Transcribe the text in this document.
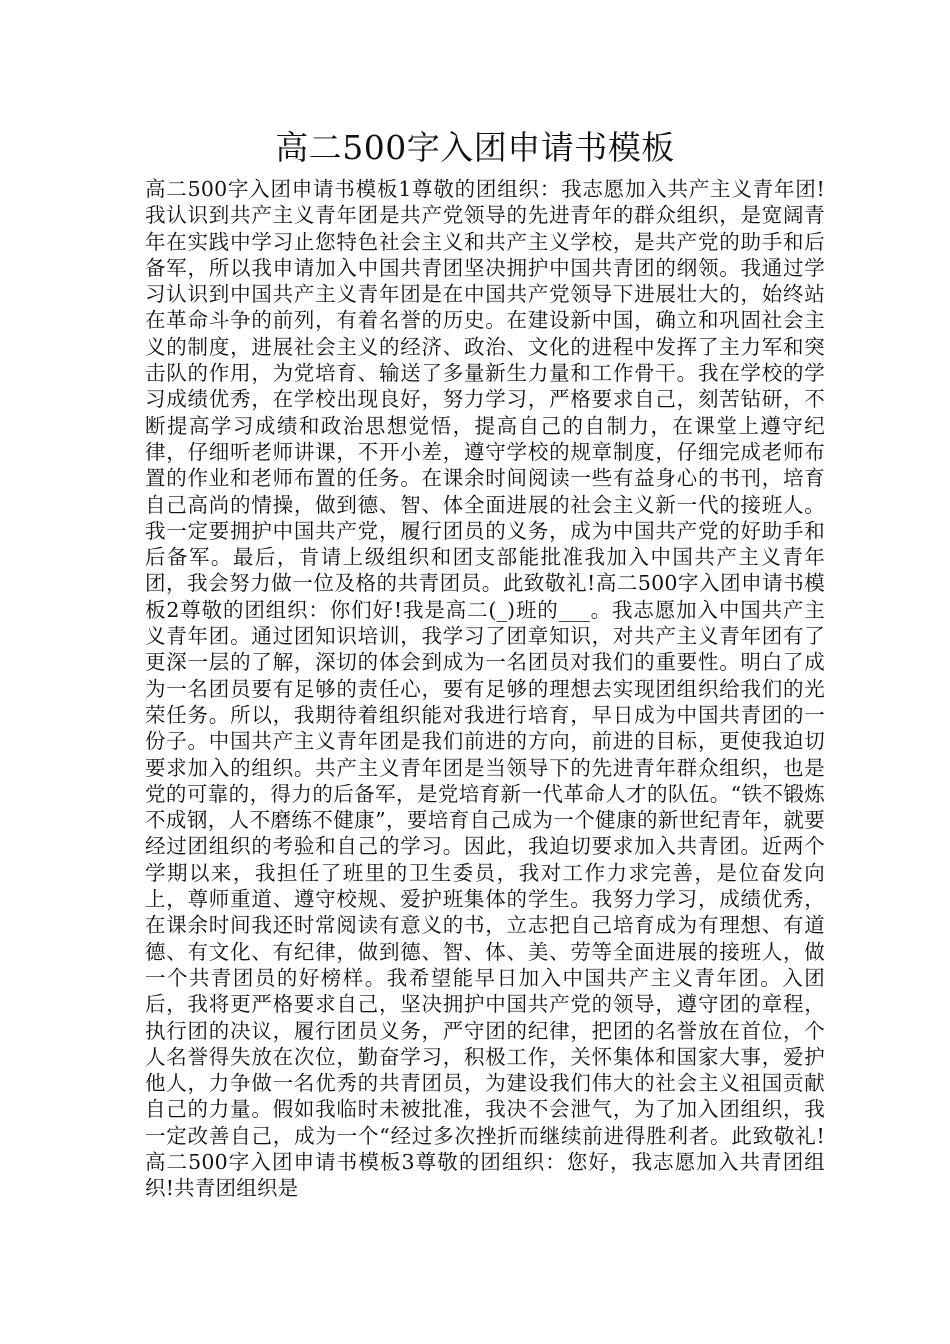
高二500字入团申请书模板

高二500字入团申请书模板1尊敬的团组织：我志愿加入共产主义青年团!我认识到共产主义青年团是共产党领导的先进青年的群众组织，是宽阔青年在实践中学习止您特色社会主义和共产主义学校，是共产党的助手和后备军，所以我申请加入中国共青团坚决拥护中国共青团的纲领。我通过学习认识到中国共产主义青年团是在中国共产党领导下进展壮大的，始终站在革命斗争的前列，有着名誉的历史。在建设新中国，确立和巩固社会主义的制度，进展社会主义的经济、政治、文化的进程中发挥了主力军和突击队的作用，为党培育、输送了多量新生力量和工作骨干。我在学校的学习成绩优秀，在学校出现良好，努力学习，严格要求自己，刻苦钻研，不断提高学习成绩和政治思想觉悟，提高自己的自制力，在课堂上遵守纪律，仔细听老师讲课，不开小差，遵守学校的规章制度，仔细完成老师布置的作业和老师布置的任务。在课余时间阅读一些有益身心的书刊，培育自己高尚的情操，做到德、智、体全面进展的社会主义新一代的接班人。我一定要拥护中国共产党，履行团员的义务，成为中国共产党的好助手和后备军。最后，肯请上级组织和团支部能批准我加入中国共产主义青年团，我会努力做一位及格的共青团员。此致敬礼!高二500字入团申请书模板2尊敬的团组织：你们好!我是高二(_)班的___。我志愿加入中国共产主义青年团。通过团知识培训，我学习了团章知识，对共产主义青年团有了更深一层的了解，深切的体会到成为一名团员对我们的重要性。明白了成为一名团员要有足够的责任心，要有足够的理想去实现团组织给我们的光荣任务。所以，我期待着组织能对我进行培育，早日成为中国共青团的一份子。中国共产主义青年团是我们前进的方向，前进的目标，更使我迫切要求加入的组织。共产主义青年团是当领导下的先进青年群众组织，也是党的可靠的，得力的后备军，是党培育新一代革命人才的队伍。“铁不锻炼不成钢，人不磨练不健康”，要培育自己成为一个健康的新世纪青年，就要经过团组织的考验和自己的学习。因此，我迫切要求加入共青团。近两个学期以来，我担任了班里的卫生委员，我对工作力求完善，是位奋发向上，尊师重道、遵守校规、爱护班集体的学生。我努力学习，成绩优秀，在课余时间我还时常阅读有意义的书，立志把自己培育成为有理想、有道德、有文化、有纪律，做到德、智、体、美、劳等全面进展的接班人，做一个共青团员的好榜样。我希望能早日加入中国共产主义青年团。入团后，我将更严格要求自己，坚决拥护中国共产党的领导，遵守团的章程，执行团的决议，履行团员义务，严守团的纪律，把团的名誉放在首位，个人名誉得失放在次位，勤奋学习，积极工作，关怀集体和国家大事，爱护他人，力争做一名优秀的共青团员，为建设我们伟大的社会主义祖国贡献自己的力量。假如我临时未被批准，我决不会泄气，为了加入团组织，我一定改善自己，成为一个“经过多次挫折而继续前进得胜利者。此致敬礼!高二500字入团申请书模板3尊敬的团组织：您好，我志愿加入共青团组织!共青团组织是
